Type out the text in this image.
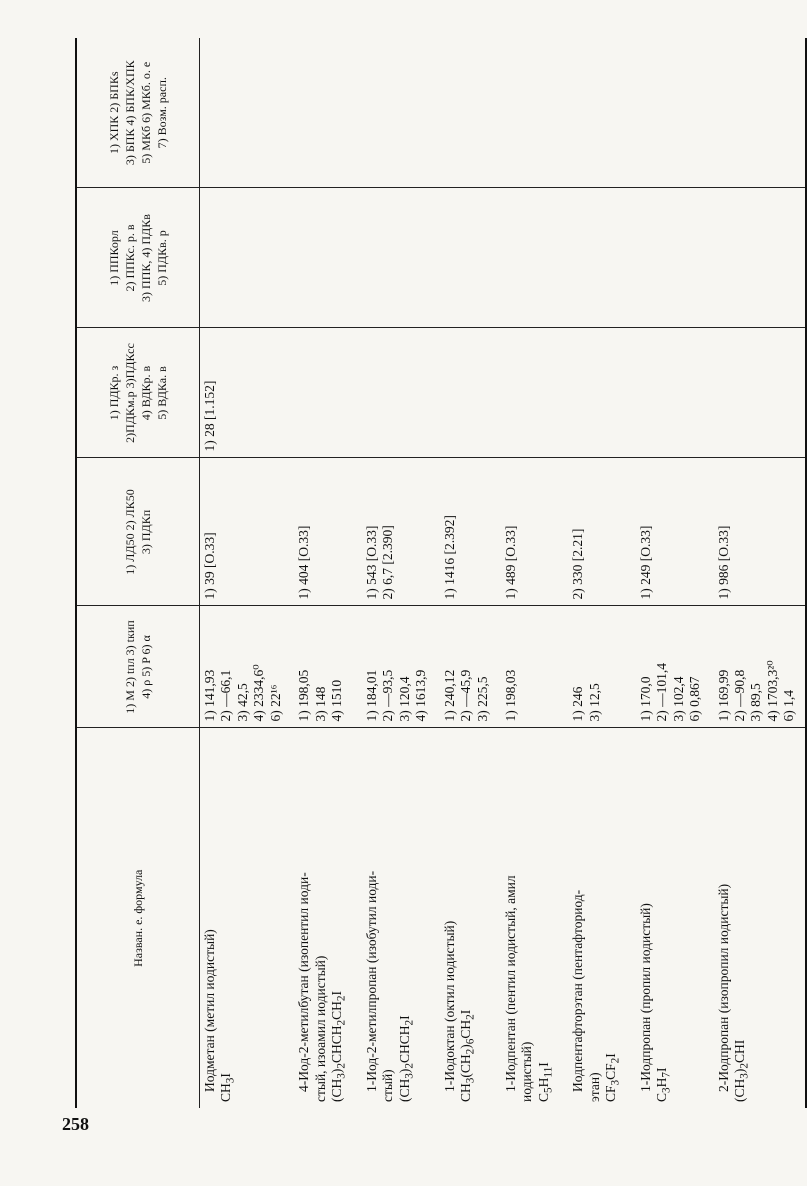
258
Назван. е. формула	1) M 2) tпл 3) tкип 4) ρ 5) P 6) α	1) ЛД50 2) ЛК50 3) ПДКп	1) ПДКр. з 2)ПДКм.р 3)ПДКсс 4) ВДКр. в 5) ВДКа. в	1) ППКорл 2) ППКс. р. в 3) ППК, 4) ПДКв 5) ПДКв. р	1) ХПК 2) БПКs 3) БПК 4) БПК/ХПК 5) МКб 6) МКб. о. е 7) Возм. расп.

Иодметан (метил иодистый)
$CH_3I$	1) 141,93 2) —66,1 3) 42,5 4) 2334,6⁰ 6) 22¹⁶	1) 39 [О.33]	1) 28 [1.152]		

4-Иод-2-метилбутан (изопентил иоди- стый, изоамил иодистый) $(CH_3)_2CHCH_2CH_2I$	1) 198,05 3) 148 4) 1510	1) 404 [О.33]			

1-Иод-2-метилпропан (изобутил иоди- стый) $(CH_3)_2CHCH_2I$	1) 184,01 2) —93,5 3) 120,4 4) 1613,9	1) 543 [О.33] 2) 6,7 [2.390]			

1-Иодоктан (октил иодистый)
$CH_3(CH_2)_6CH_2I$	1) 240,12 2) —45,9 3) 225,5	1) 1416 [2.392]			

1-Иодпентан (пентил иодистый, амил иодистый) $C_5H_{11}I$	1) 198,03	1) 489 [О.33]			

Иодпентафторэтан (пентафториод- этан) $CF_3CF_2I$	1) 246 3) 12,5	2) 330 [2.21]			

1-Иодпропан (пропил иодистый)
$C_3H_7I$	1) 170,0 2) —101,4 3) 102,4 6) 0,867	1) 249 [О.33]			

2-Иодпропан (изопропил иодистый) $(CH_3)_2CHI$	1) 169,99 2) —90,8 3) 89,5 4) 1703,3²⁰ 6) 1,4	1) 986 [О.33]			
